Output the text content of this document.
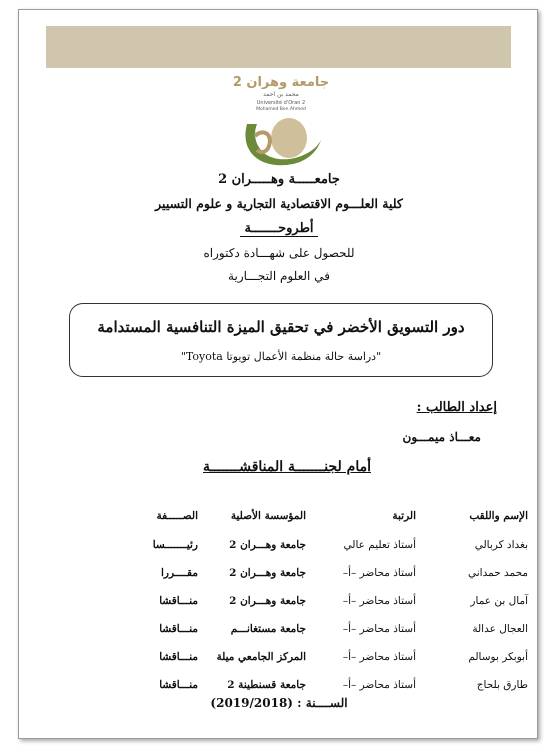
جامعة وهران 2
محمد بن احمد
Université d'Oran 2
Mohamed Ben Ahmed
جامعـــــة وهـــــران 2
كلية العلـــوم الاقتصادية التجارية و علوم التسيير
أطروحـــــــة
للحصول على شهـــادة دكتوراه
في العلوم التجـــارية
دور التسويق الأخضر في تحقيق الميزة التنافسية المستدامة
"دراسة حالة منظمة الأعمال تويوتا Toyota"
إعداد الطالب :
معـــاذ ميمـــون
أمام لجنـــــــة المناقشـــــــة
الإسم واللقب
الرتبة
المؤسسة الأصلية
الصـــــفة
بغداد كربالي
أستاذ تعليم عالي
جامعة وهـــران 2
رئيـــــــسا
محمد حمداني
أستاذ محاضر –أ–
جامعة وهـــران 2
مقــــررا
آمال بن عمار
أستاذ محاضر –أ–
جامعة وهـــران 2
منـــاقشا
العجال عدالة
أستاذ محاضر –أ–
جامعة مستغانـــم
منـــاقشا
أبوبكر بوسالم
أستاذ محاضر –أ–
المركز الجامعي ميلة
منـــاقشا
طارق بلحاج
أستاذ محاضر –أ–
جامعة قسنطينة 2
منـــاقشا
الســــنة : (2019/2018)
